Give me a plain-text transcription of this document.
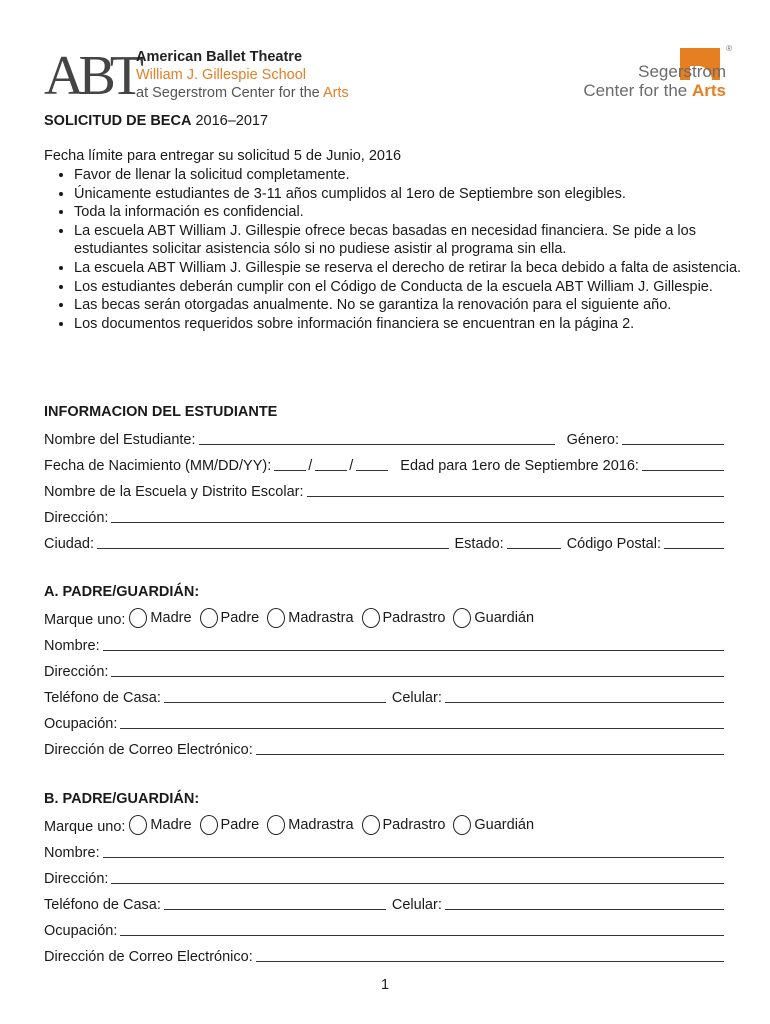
ABT
American Ballet Theatre
William J. Gillespie School
at Segerstrom Center for the Arts
®
Segerstrom
Center for the Arts
SOLICITUD DE BECA 2016–2017
Fecha límite para entregar su solicitud 5 de Junio, 2016
• Favor de llenar la solicitud completamente.
• Únicamente estudiantes de 3-11 años cumplidos al 1ero de Septiembre son elegibles.
• Toda la información es confidencial.
• La escuela ABT William J. Gillespie ofrece becas basadas en necesidad financiera. Se pide a los estudiantes solicitar asistencia sólo si no pudiese asistir al programa sin ella.
• La escuela ABT William J. Gillespie se reserva el derecho de retirar la beca debido a falta de asistencia.
• Los estudiantes deberán cumplir con el Código de Conducta de la escuela ABT William J. Gillespie.
• Las becas serán otorgadas anualmente. No se garantiza la renovación para el siguiente año.
• Los documentos requeridos sobre información financiera se encuentran en la página 2.
INFORMACION DEL ESTUDIANTE
Nombre del Estudiante:	Género:
Fecha de Nacimiento (MM/DD/YY):	/	/	Edad para 1ero de Septiembre 2016:
Nombre de la Escuela y Distrito Escolar:
Dirección:
Ciudad:	Estado:	Código Postal:
A. PADRE/GUARDIÁN:
Marque uno: Madre Padre Madrastra Padrastro Guardián
Nombre:
Dirección:
Teléfono de Casa:	Celular:
Ocupación:
Dirección de Correo Electrónico:
B. PADRE/GUARDIÁN:
Marque uno: Madre Padre Madrastra Padrastro Guardián
Nombre:
Dirección:
Teléfono de Casa:	Celular:
Ocupación:
Dirección de Correo Electrónico:
1
